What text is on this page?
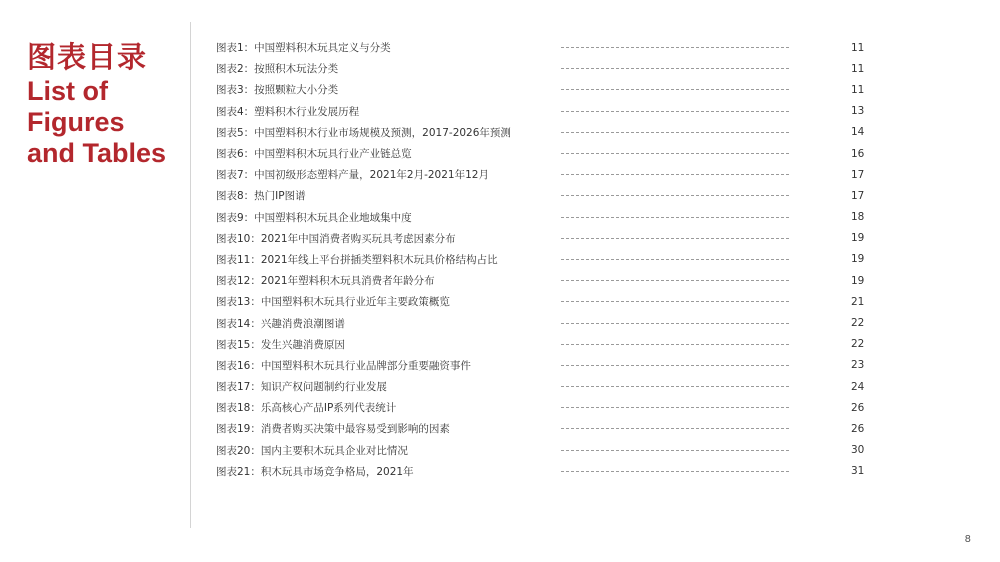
图表目录
List of
Figures
and Tables
图表1：中国塑料积木玩具定义与分类	11
图表2：按照积木玩法分类	11
图表3：按照颗粒大小分类	11
图表4：塑料积木行业发展历程	13
图表5：中国塑料积木行业市场规模及预测，2017-2026年预测	14
图表6：中国塑料积木玩具行业产业链总览	16
图表7：中国初级形态塑料产量，2021年2月-2021年12月	17
图表8：热门IP图谱	17
图表9：中国塑料积木玩具企业地域集中度	18
图表10：2021年中国消费者购买玩具考虑因素分布	19
图表11：2021年线上平台拼插类塑料积木玩具价格结构占比	19
图表12：2021年塑料积木玩具消费者年龄分布	19
图表13：中国塑料积木玩具行业近年主要政策概览	21
图表14：兴趣消费浪潮图谱	22
图表15：发生兴趣消费原因	22
图表16：中国塑料积木玩具行业品牌部分重要融资事件	23
图表17：知识产权问题制约行业发展	24
图表18：乐高核心产品IP系列代表统计	26
图表19：消费者购买决策中最容易受到影响的因素	26
图表20：国内主要积木玩具企业对比情况	30
图表21：积木玩具市场竞争格局，2021年	31
8
